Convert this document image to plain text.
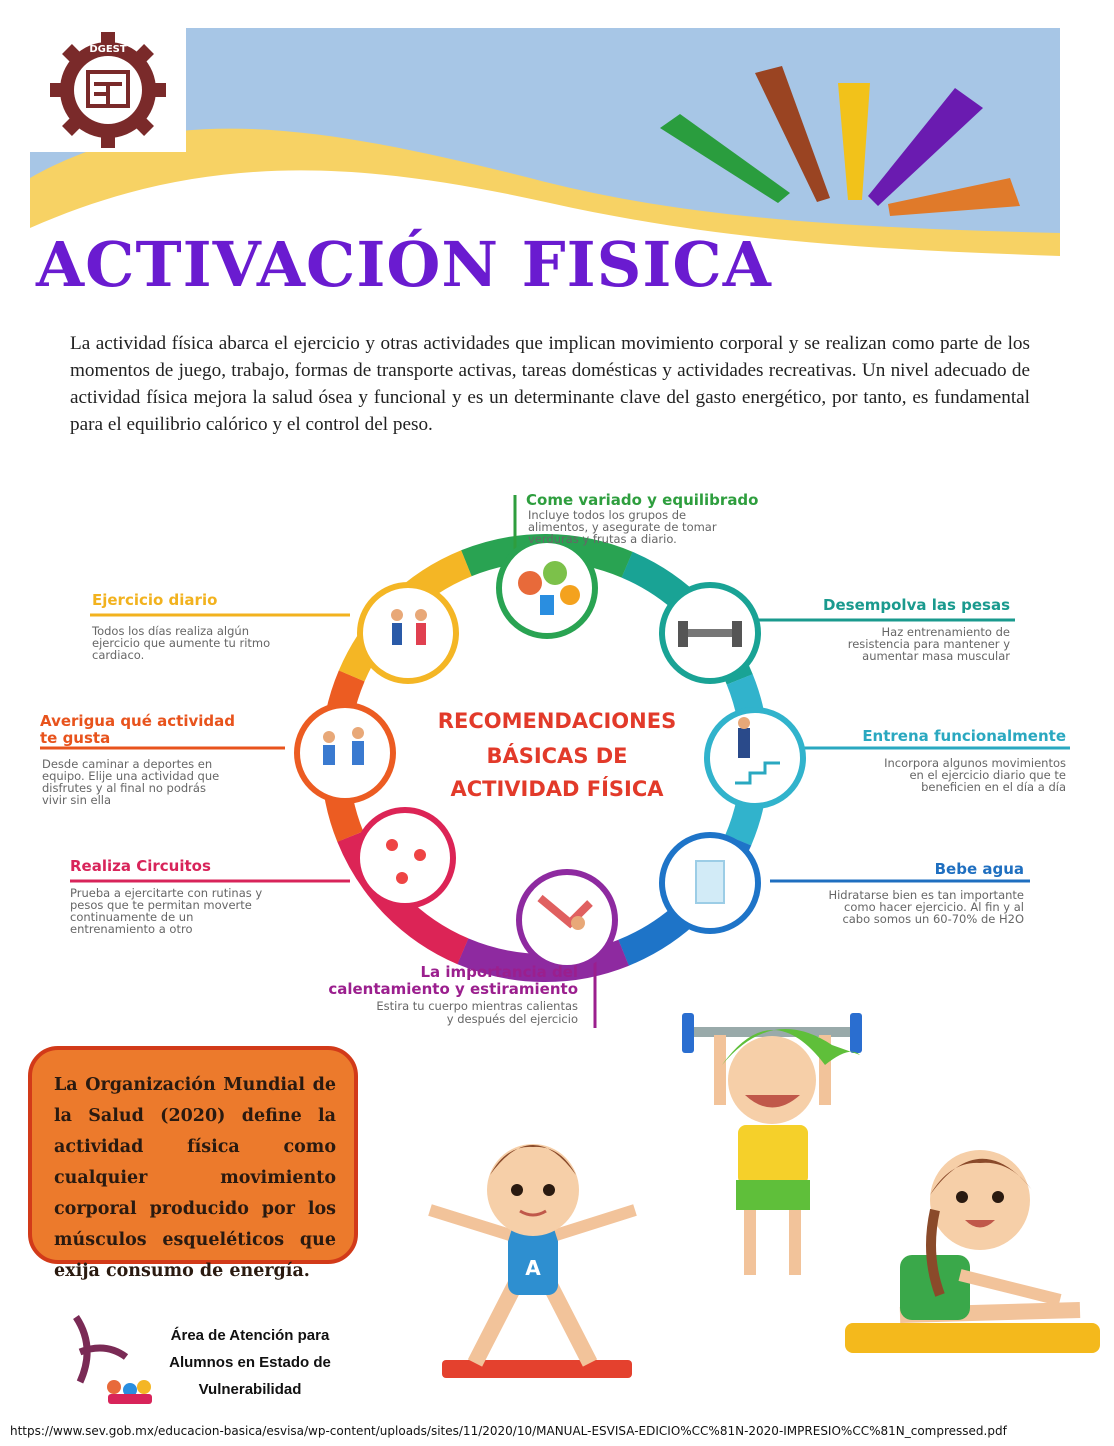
DGEST
ACTIVACIÓN FISICA

La actividad física abarca el ejercicio y otras actividades que implican movimiento corporal y se realizan como parte de los momentos de juego, trabajo, formas de transporte activas, tareas domésticas y actividades recreativas. Un nivel adecuado de actividad física mejora la salud ósea y funcional y es un determinante clave del gasto energético, por tanto, es fundamental para el equilibrio calórico y el control del peso.

RECOMENDACIONES
BÁSICAS DE
ACTIVIDAD FÍSICA
Come variado y equilibrado
Incluye todos los grupos de
alimentos, y asegurate de tomar
verduras y frutas a diario.
Desempolva las pesas
Haz entrenamiento de
resistencia para mantener y
aumentar masa muscular
Entrena funcionalmente
Incorpora algunos movimientos
en el ejercicio diario que te
beneficien en el día a día
Bebe agua
Hidratarse bien es tan importante
como hacer ejercicio. Al fin y al
cabo somos un 60-70% de H2O
La importancia del
calentamiento y estiramiento
Estira tu cuerpo mientras calientas
y después del ejercicio
Realiza Circuitos
Prueba a ejercitarte con rutinas y
pesos que te permitan moverte
continuamente de un
entrenamiento a otro
Averigua qué actividad
te gusta
Desde caminar a deportes en
equipo. Elije una actividad que
disfrutes y al final no podrás
vivir sin ella
Ejercicio diario
Todos los días realiza algún
ejercicio que aumente tu ritmo
cardiaco.

La Organización Mundial de la Salud (2020) define la actividad física como cualquier movimiento corporal producido por los músculos esqueléticos que exija consumo de energía.	A
Área de Atención para
Alumnos en Estado de
Vulnerabilidad
https://www.sev.gob.mx/educacion-basica/esvisa/wp-content/uploads/sites/11/2020/10/MANUAL-ESVISA-EDICIO%CC%81N-2020-IMPRESIO%CC%81N_compressed.pdf
